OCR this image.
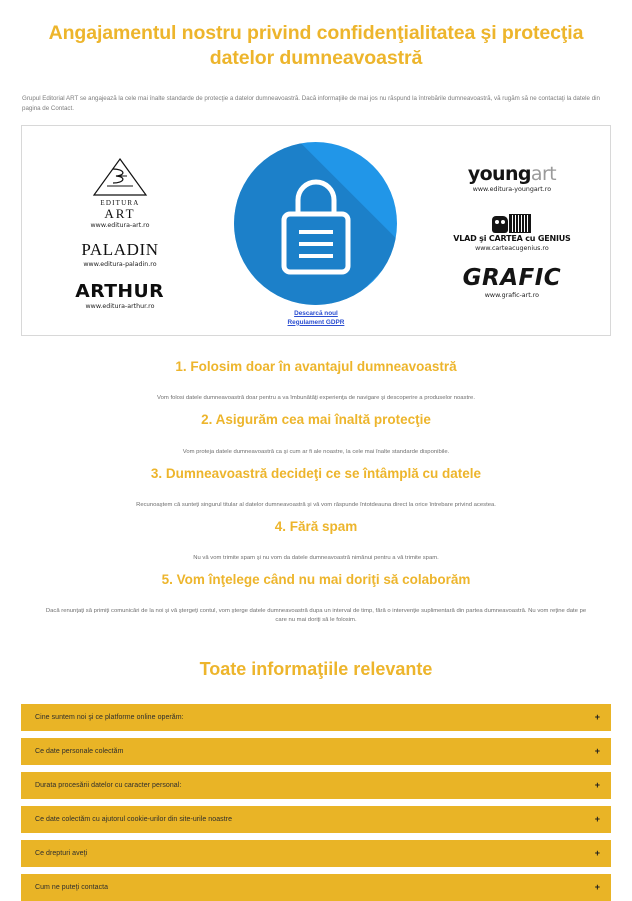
Angajamentul nostru privind confidenţialitatea şi protecţia datelor dumneavoastră

Grupul Editorial ART se angajează la cele mai înalte standarde de protecţie a datelor dumneavoastră. Dacă informaţiile de mai jos nu răspund la întrebările dumneavoastră, vă rugăm să ne contactaţi la datele din pagina de Contact.

EDITURA
ART
www.editura-art.ro
PALADIN
www.editura-paladin.ro
ARTHUR
www.editura-arthur.ro
Descarcă noul
Regulament GDPR
youngart
www.editura-youngart.ro
VLAD şi CARTEA cu GENIUS
www.carteacugenius.ro
GRAFIC
www.grafic-art.ro
1. Folosim doar în avantajul dumneavoastră

Vom folosi datele dumneavoastră doar pentru a va îmbunătăţi experienţa de navigare şi descoperire a produselor noastre.

2. Asigurăm cea mai înaltă protecţie

Vom proteja datele dumneavoastră ca şi cum ar fi ale noastre, la cele mai înalte standarde disponibile.

3. Dumneavoastră decideţi ce se întâmplă cu datele

Recunoaştem că sunteţi singurul titular al datelor dumneavoastră şi vă vom răspunde întotdeauna direct la orice întrebare privind acestea.

4. Fără spam

Nu vă vom trimite spam şi nu vom da datele dumneavoastră nimănui pentru a vă trimite spam.

5. Vom înţelege când nu mai doriţi să colaborăm

Dacă renunţaţi să primiţi comunicări de la noi şi vă ştergeţi contul, vom şterge datele dumneavoastră dupa un interval de timp, fără o intervenţie suplimentară din partea dumneavoastră. Nu vom reţine date pe care nu mai doriţi să le folosim.

Toate informaţiile relevante
Cine suntem noi şi ce platforme online operăm:	+
Ce date personale colectăm	+
Durata procesării datelor cu caracter personal:	+
Ce date colectăm cu ajutorul cookie-urilor din site-urile noastre	+
Ce drepturi aveţi	+
Cum ne puteţi contacta	+
